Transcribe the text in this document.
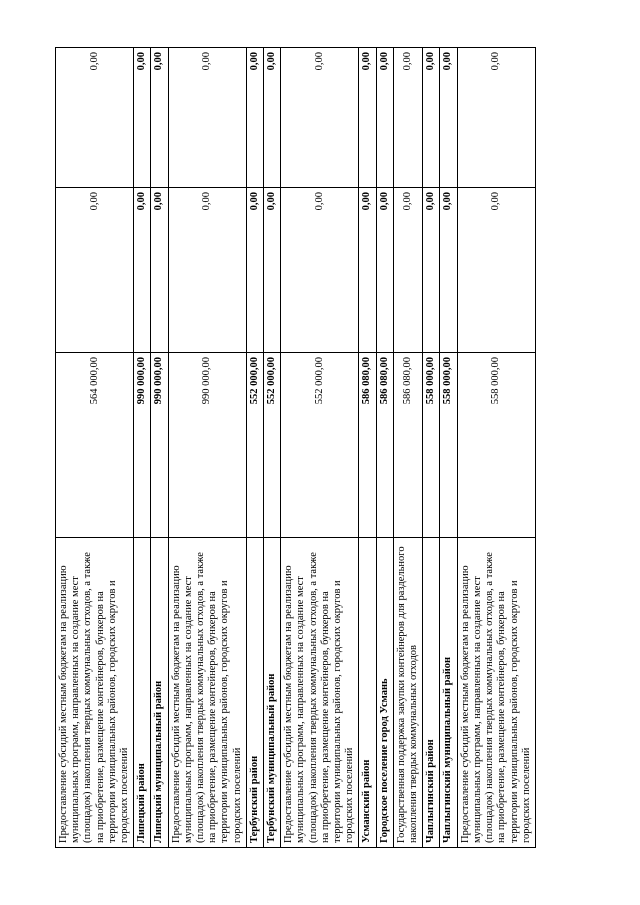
Предоставление субсидий местным бюджетам на реализацию муниципальных программ, направленных на создание мест (площадок) накопления твердых коммунальных отходов, а также на приобретение, размещение контейнеров, бункеров на территории муниципальных районов, городских округов и городских поселений	564 000,00	0,00	0,00
Липецкий район	990 000,00	0,00	0,00
Липецкий муниципальный район	990 000,00	0,00	0,00
Предоставление субсидий местным бюджетам на реализацию муниципальных программ, направленных на создание мест (площадок) накопления твердых коммунальных отходов, а также на приобретение, размещение контейнеров, бункеров на территории муниципальных районов, городских округов и городских поселений	990 000,00	0,00	0,00
Тербунский район	552 000,00	0,00	0,00
Тербунский муниципальный район	552 000,00	0,00	0,00
Предоставление субсидий местным бюджетам на реализацию муниципальных программ, направленных на создание мест (площадок) накопления твердых коммунальных отходов, а также на приобретение, размещение контейнеров, бункеров на территории муниципальных районов, городских округов и городских поселений	552 000,00	0,00	0,00
Усманский район	586 080,00	0,00	0,00
Городское поселение город Усмань	586 080,00	0,00	0,00
Государственная поддержка закупки контейнеров для раздельного накопления твердых коммунальных отходов	586 080,00	0,00	0,00
Чаплыгинский район	558 000,00	0,00	0,00
Чаплыгинский муниципальный район	558 000,00	0,00	0,00
Предоставление субсидий местным бюджетам на реализацию муниципальных программ, направленных на создание мест (площадок) накопления твердых коммунальных отходов, а также на приобретение, размещение контейнеров, бункеров на территории муниципальных районов, городских округов и городских поселений	558 000,00	0,00	0,00
